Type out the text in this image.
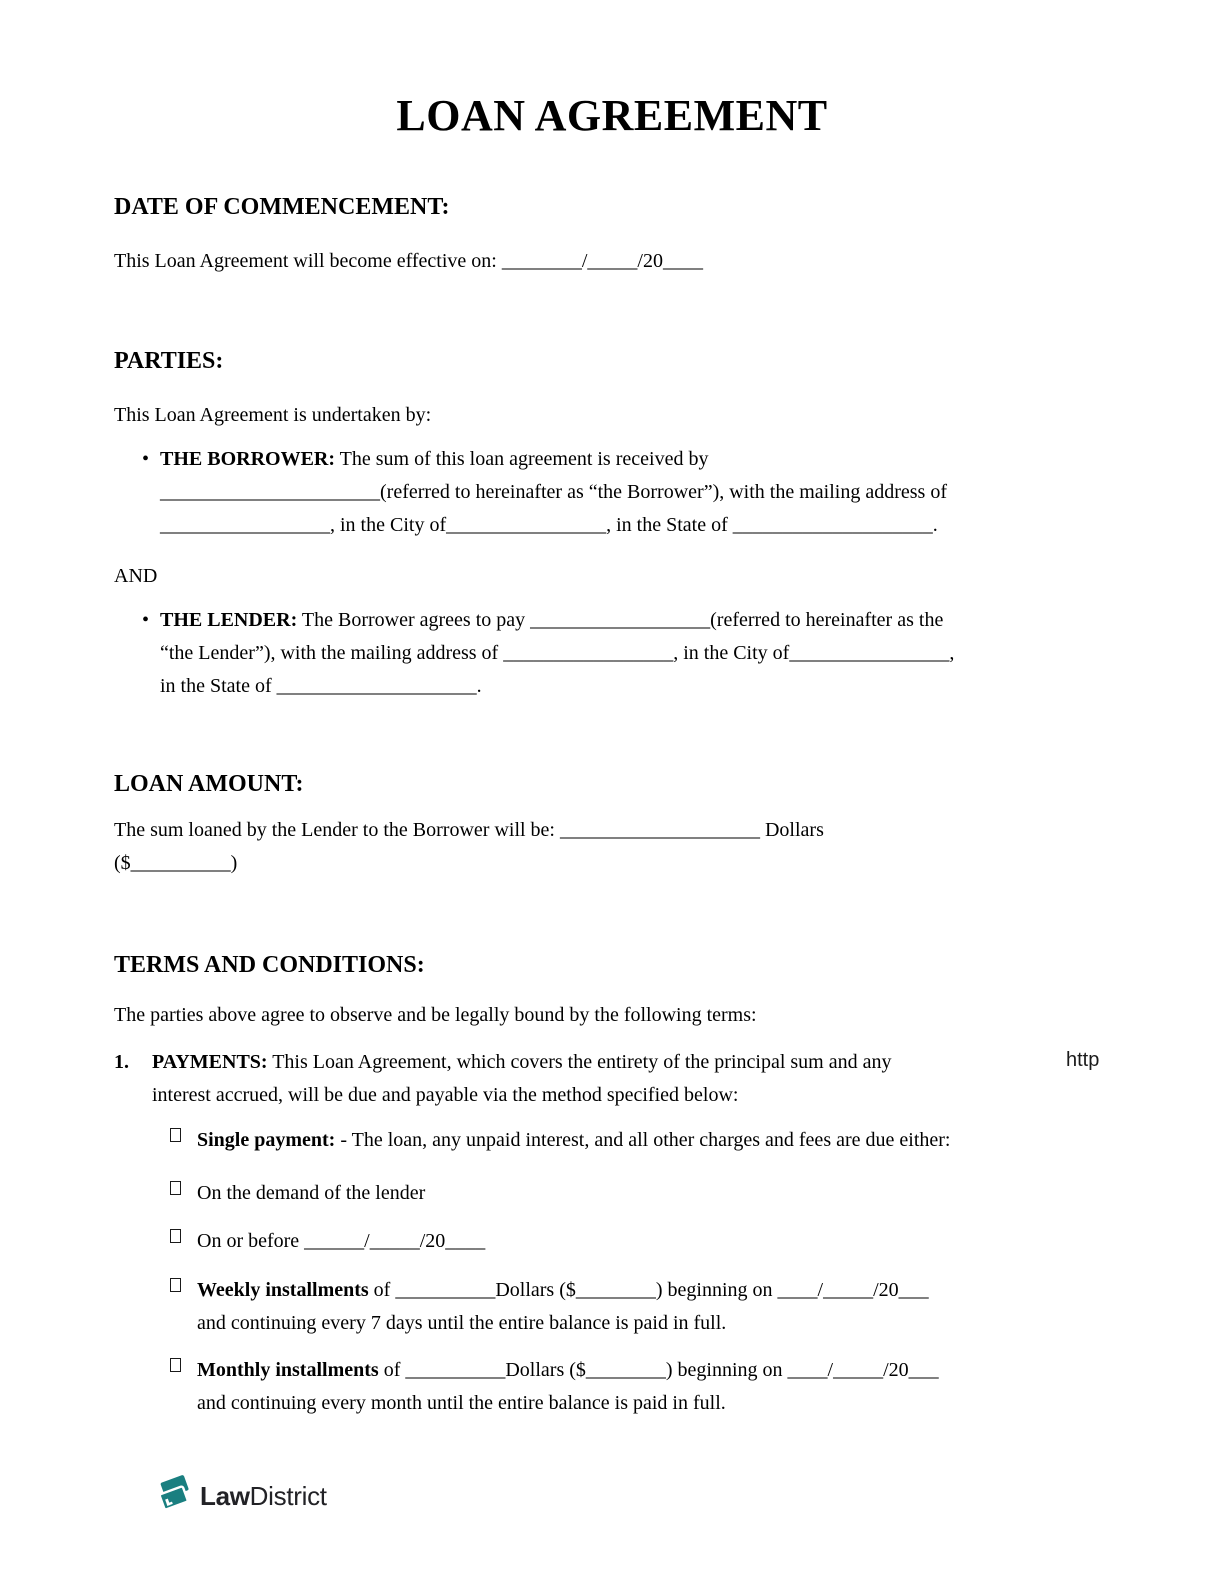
LOAN AGREEMENT
DATE OF COMMENCEMENT:
This Loan Agreement will become effective on: ________/_____/20____
PARTIES:
This Loan Agreement is undertaken by:
• THE BORROWER: The sum of this loan agreement is received by
______________________(referred to hereinafter as “the Borrower”), with the mailing address of
_________________, in the City of________________, in the State of ____________________.
AND
• THE LENDER: The Borrower agrees to pay __________________(referred to hereinafter as the
“the Lender”), with the mailing address of _________________, in the City of________________,
in the State of ____________________.
LOAN AMOUNT:
The sum loaned by the Lender to the Borrower will be: ____________________ Dollars
($__________)
TERMS AND CONDITIONS:
The parties above agree to observe and be legally bound by the following terms:
1. PAYMENTS: This Loan Agreement, which covers the entirety of the principal sum and any
interest accrued, will be due and payable via the method specified below:
http
Single payment: - The loan, any unpaid interest, and all other charges and fees are due either:
On the demand of the lender
On or before ______/_____/20____
Weekly installments of __________Dollars ($________) beginning on ____/_____/20___
and continuing every 7 days until the entire balance is paid in full.
Monthly installments of __________Dollars ($________) beginning on ____/_____/20___
and continuing every month until the entire balance is paid in full.
LawDistrict
